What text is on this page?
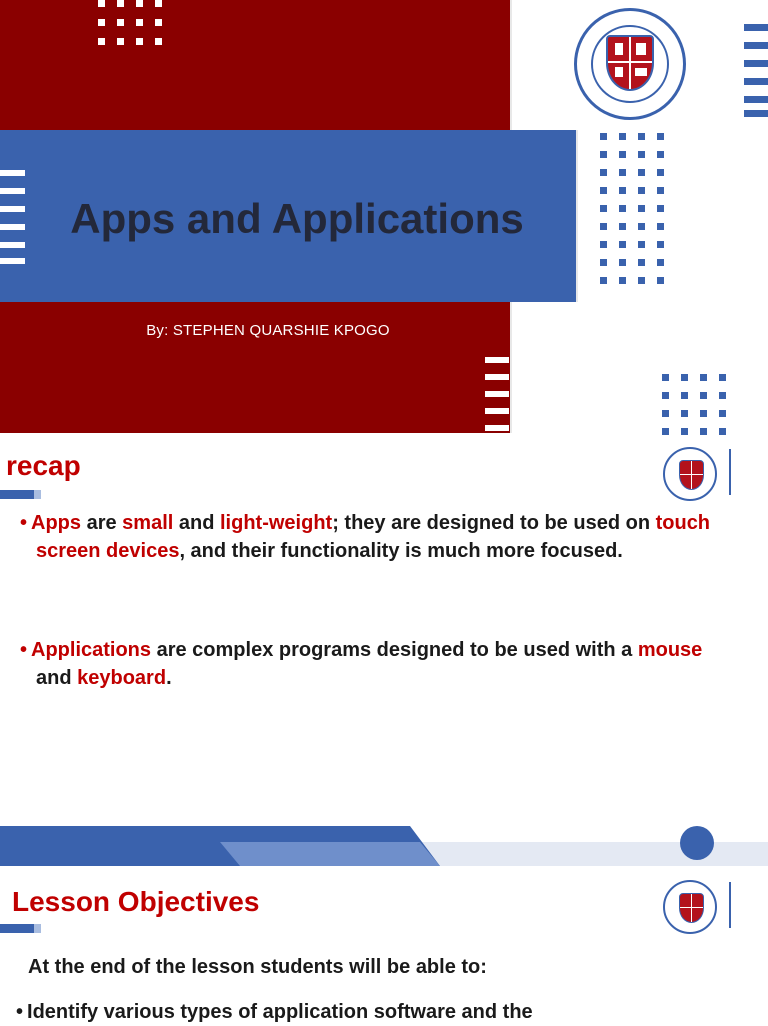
Apps and Applications
By: STEPHEN QUARSHIE KPOGO
recap
• Apps are small and light-weight; they are designed to be used on touch screen devices, and their functionality is much more focused.
• Applications are complex programs designed to be used with a mouse and keyboard.
Lesson Objectives
At the end of the lesson students will be able to:
• Identify various types of application software and the
